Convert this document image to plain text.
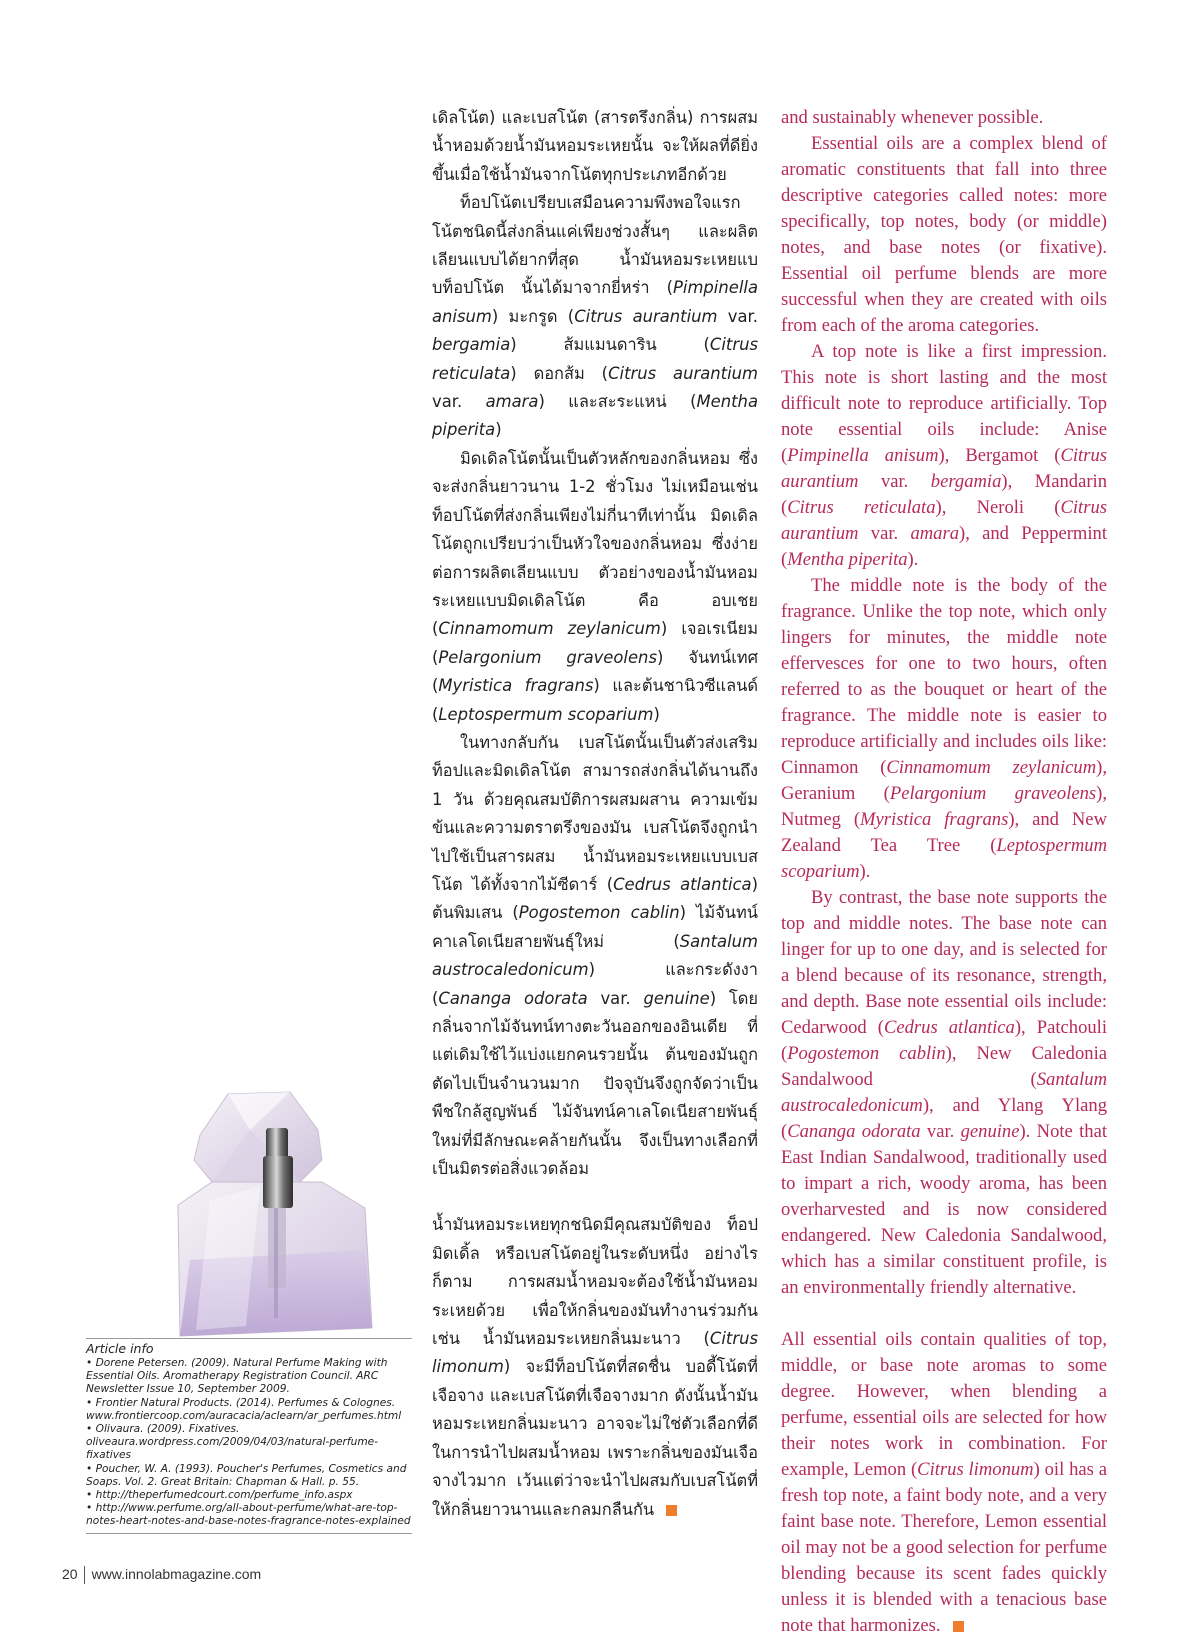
Article info

• Dorene Petersen. (2009). Natural Perfume Making with Essential Oils. Aromatherapy Registration Council. ARC Newsletter Issue 10, September 2009.

• Frontier Natural Products. (2014). Perfumes & Colognes. www.frontiercoop.com/auracacia/aclearn/ar_perfumes.html

• Olivaura. (2009). Fixatives. oliveaura.wordpress.com/2009/04/03/natural-perfume-fixatives

• Poucher, W. A. (1993). Poucher's Perfumes, Cosmetics and Soaps. Vol. 2. Great Britain: Chapman & Hall. p. 55.

• http://theperfumedcourt.com/perfume_info.aspx

• http://www.perfume.org/all-about-perfume/what-are-top-notes-heart-notes-and-base-notes-fragrance-notes-explained

เดิลโน้ต) และเบสโน้ต (สารตรึงกลิ่น) การผสมน้ำหอมด้วยน้ำมันหอมระเหยนั้น จะให้ผลที่ดียิ่งขึ้นเมื่อใช้น้ำมันจากโน้ตทุกประเภทอีกด้วย

ท็อปโน้ตเปรียบเสมือนความพึงพอใจแรก โน้ตชนิดนี้ส่งกลิ่นแค่เพียงช่วงสั้นๆ และผลิตเลียนแบบได้ยากที่สุด น้ำมันหอมระเหยแบบท็อปโน้ต นั้นได้มาจากยี่หร่า (Pimpinella anisum) มะกรูด (Citrus aurantium var. bergamia) ส้มแมนดาริน (Citrus reticulata) ดอกส้ม (Citrus aurantium var. amara) และสะระแหน่ (Mentha piperita)

มิดเดิลโน้ตนั้นเป็นตัวหลักของกลิ่นหอม ซึ่งจะส่งกลิ่นยาวนาน 1-2 ชั่วโมง ไม่เหมือนเช่นท็อปโน้ตที่ส่งกลิ่นเพียงไม่กี่นาทีเท่านั้น มิดเดิลโน้ตถูกเปรียบว่าเป็นหัวใจของกลิ่นหอม ซึ่งง่ายต่อการผลิตเลียนแบบ ตัวอย่างของน้ำมันหอมระเหยแบบมิดเดิลโน้ต คือ อบเชย (Cinnamomum zeylanicum) เจอเรเนียม (Pelargonium graveolens) จันทน์เทศ (Myristica fragrans) และต้นชานิวซีแลนด์ (Leptospermum scoparium)

ในทางกลับกัน เบสโน้ตนั้นเป็นตัวส่งเสริมท็อปและมิดเดิลโน้ต สามารถส่งกลิ่นได้นานถึง 1 วัน ด้วยคุณสมบัติการผสมผสาน ความเข้มข้นและความตราตรึงของมัน เบสโน้ตจึงถูกนำไปใช้เป็นสารผสม น้ำมันหอมระเหยแบบเบสโน้ต ได้ทั้งจากไม้ซีดาร์ (Cedrus atlantica) ต้นพิมเสน (Pogostemon cablin) ไม้จันทน์คาเลโดเนียสายพันธุ์ใหม่ (Santalum austrocaledonicum) และกระดังงา (Cananga odorata var. genuine) โดยกลิ่นจากไม้จันทน์ทางตะวันออกของอินเดีย ที่แต่เดิมใช้ไว้แบ่งแยกคนรวยนั้น ต้นของมันถูกตัดไปเป็นจำนวนมาก ปัจจุบันจึงถูกจัดว่าเป็นพืชใกล้สูญพันธ์ ไม้จันทน์คาเลโดเนียสายพันธุ์ใหม่ที่มีลักษณะคล้ายกันนั้น จึงเป็นทางเลือกที่เป็นมิตรต่อสิ่งแวดล้อม

น้ำมันหอมระเหยทุกชนิดมีคุณสมบัติของ ท็อป มิดเดิ้ล หรือเบสโน้ตอยู่ในระดับหนึ่ง อย่างไรก็ตาม การผสมน้ำหอมจะต้องใช้น้ำมันหอมระเหยด้วย เพื่อให้กลิ่นของมันทำงานร่วมกัน เช่น น้ำมันหอมระเหยกลิ่นมะนาว (Citrus limonum) จะมีท็อปโน้ตที่สดชื่น บอดี้โน้ตที่เจือจาง และเบสโน้ตที่เจือจางมาก ดังนั้นน้ำมันหอมระเหยกลิ่นมะนาว อาจจะไม่ใช่ตัวเลือกที่ดีในการนำไปผสมน้ำหอม เพราะกลิ่นของมันเจือจางไวมาก เว้นแต่ว่าจะนำไปผสมกับเบสโน้ตที่ให้กลิ่นยาวนานและกลมกลืนกัน

and sustainably whenever possible.

Essential oils are a complex blend of aromatic constituents that fall into three descriptive categories called notes: more specifically, top notes, body (or middle) notes, and base notes (or fixative). Essential oil perfume blends are more successful when they are created with oils from each of the aroma categories.

A top note is like a first impression. This note is short lasting and the most difficult note to reproduce artificially. Top note essential oils include: Anise (Pimpinella anisum), Bergamot (Citrus aurantium var. bergamia), Mandarin (Citrus reticulata), Neroli (Citrus aurantium var. amara), and Peppermint (Mentha piperita).

The middle note is the body of the fragrance. Unlike the top note, which only lingers for minutes, the middle note effervesces for one to two hours, often referred to as the bouquet or heart of the fragrance. The middle note is easier to reproduce artificially and includes oils like: Cinnamon (Cinnamomum zeylanicum), Geranium (Pelargonium graveolens), Nutmeg (Myristica fragrans), and New Zealand Tea Tree (Leptospermum scoparium).

By contrast, the base note supports the top and middle notes. The base note can linger for up to one day, and is selected for a blend because of its resonance, strength, and depth. Base note essential oils include: Cedarwood (Cedrus atlantica), Patchouli (Pogostemon cablin), New Caledonia Sandalwood (Santalum austrocaledonicum), and Ylang Ylang (Cananga odorata var. genuine). Note that East Indian Sandalwood, traditionally used to impart a rich, woody aroma, has been overharvested and is now considered endangered. New Caledonia Sandalwood, which has a similar constituent profile, is an environmentally friendly alternative.

All essential oils contain qualities of top, middle, or base note aromas to some degree. However, when blending a perfume, essential oils are selected for how their notes work in combination. For example, Lemon (Citrus limonum) oil has a fresh top note, a faint body note, and a very faint base note. Therefore, Lemon essential oil may not be a good selection for perfume blending because its scent fades quickly unless it is blended with a tenacious base note that harmonizes.

20 www.innolabmagazine.com
